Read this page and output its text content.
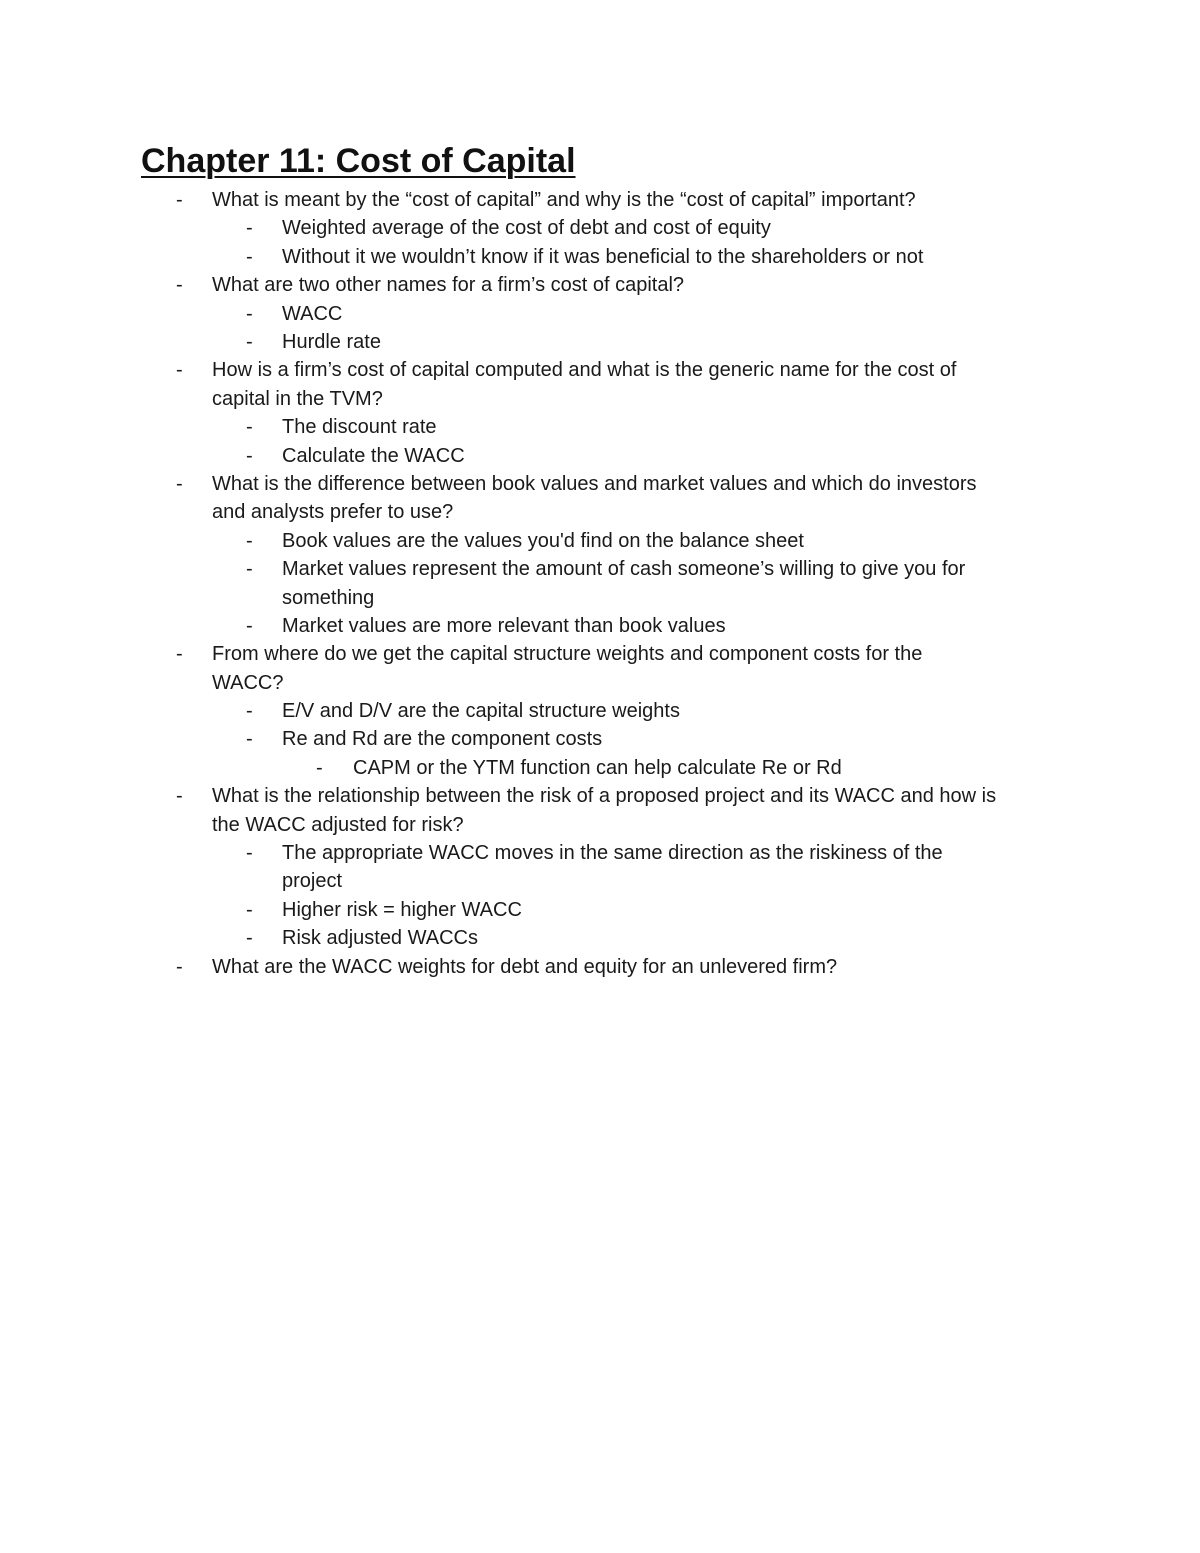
Chapter 11: Cost of Capital
- What is meant by the “cost of capital” and why is the “cost of capital” important?
- Weighted average of the cost of debt and cost of equity
- Without it we wouldn’t know if it was beneficial to the shareholders or not
- What are two other names for a firm’s cost of capital?
- WACC
- Hurdle rate
- How is a firm’s cost of capital computed and what is the generic name for the cost of
capital in the TVM?
- The discount rate
- Calculate the WACC
- What is the difference between book values and market values and which do investors
and analysts prefer to use?
- Book values are the values you'd find on the balance sheet
- Market values represent the amount of cash someone’s willing to give you for
something
- Market values are more relevant than book values
- From where do we get the capital structure weights and component costs for the
WACC?
- E/V and D/V are the capital structure weights
- Re and Rd are the component costs
- CAPM or the YTM function can help calculate Re or Rd
- What is the relationship between the risk of a proposed project and its WACC and how is
the WACC adjusted for risk?
- The appropriate WACC moves in the same direction as the riskiness of the
project
- Higher risk = higher WACC
- Risk adjusted WACCs
- What are the WACC weights for debt and equity for an unlevered firm?
